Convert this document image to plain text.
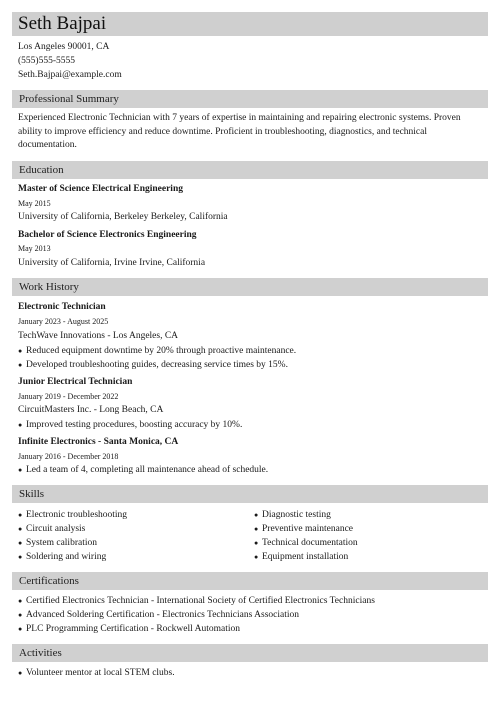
Seth Bajpai
Los Angeles 90001, CA
(555)555-5555
Seth.Bajpai@example.com
Professional Summary
Experienced Electronic Technician with 7 years of expertise in maintaining and repairing electronic systems. Proven ability to improve efficiency and reduce downtime. Proficient in troubleshooting, diagnostics, and technical documentation.
Education
Master of Science Electrical Engineering
May 2015
University of California, Berkeley Berkeley, California
Bachelor of Science Electronics Engineering
May 2013
University of California, Irvine Irvine, California
Work History
Electronic Technician
January 2023 - August 2025
TechWave Innovations - Los Angeles, CA
● Reduced equipment downtime by 20% through proactive maintenance.
● Developed troubleshooting guides, decreasing service times by 15%.
Junior Electrical Technician
January 2019 - December 2022
CircuitMasters Inc. - Long Beach, CA
● Improved testing procedures, boosting accuracy by 10%.
Infinite Electronics - Santa Monica, CA
January 2016 - December 2018
● Led a team of 4, completing all maintenance ahead of schedule.
Skills
● Electronic troubleshooting
● Circuit analysis
● System calibration
● Soldering and wiring
● Diagnostic testing
● Preventive maintenance
● Technical documentation
● Equipment installation
Certifications
● Certified Electronics Technician - International Society of Certified Electronics Technicians
● Advanced Soldering Certification - Electronics Technicians Association
● PLC Programming Certification - Rockwell Automation
Activities
● Volunteer mentor at local STEM clubs.
